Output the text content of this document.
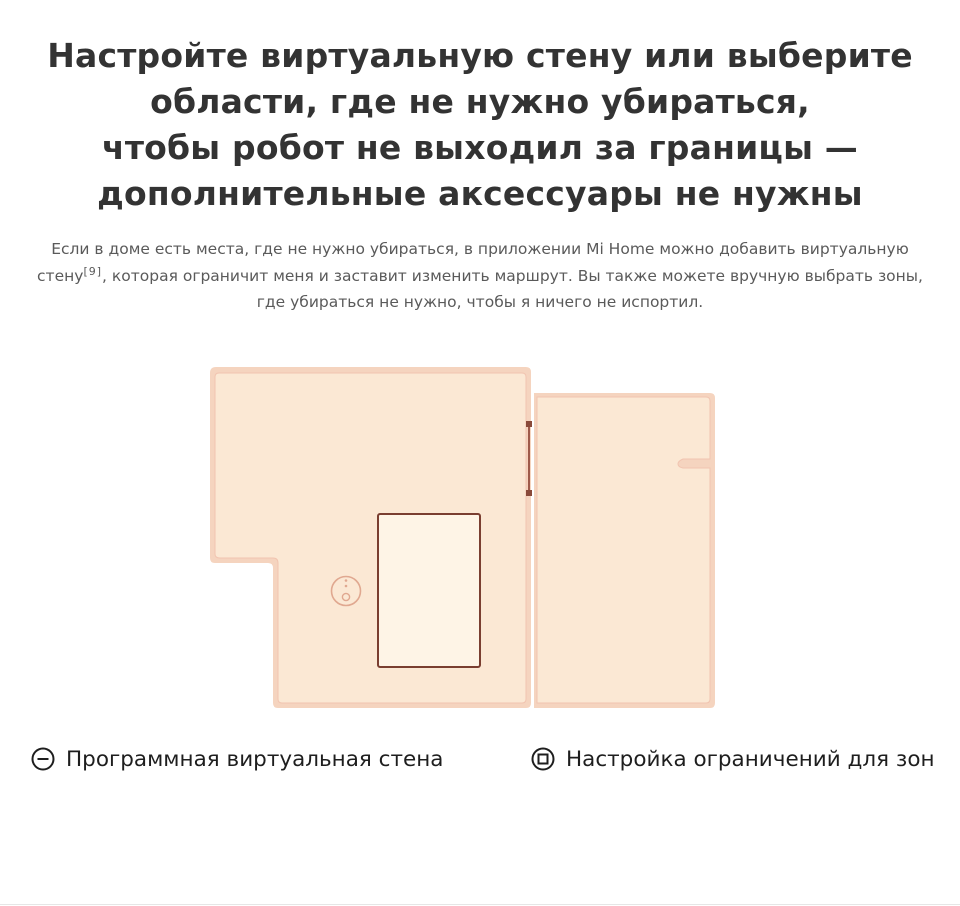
Настройте виртуальную стену или выберите
области, где не нужно убираться,
чтобы робот не выходил за границы —
дополнительные аксессуары не нужны

Если в доме есть места, где не нужно убираться, в приложении Mi Home можно добавить виртуальную стену[9], которая ограничит меня и заставит изменить маршрут. Вы также можете вручную выбрать зоны, где убираться не нужно, чтобы я ничего не испортил.

Программная виртуальная стена	Настройка ограничений для зон
